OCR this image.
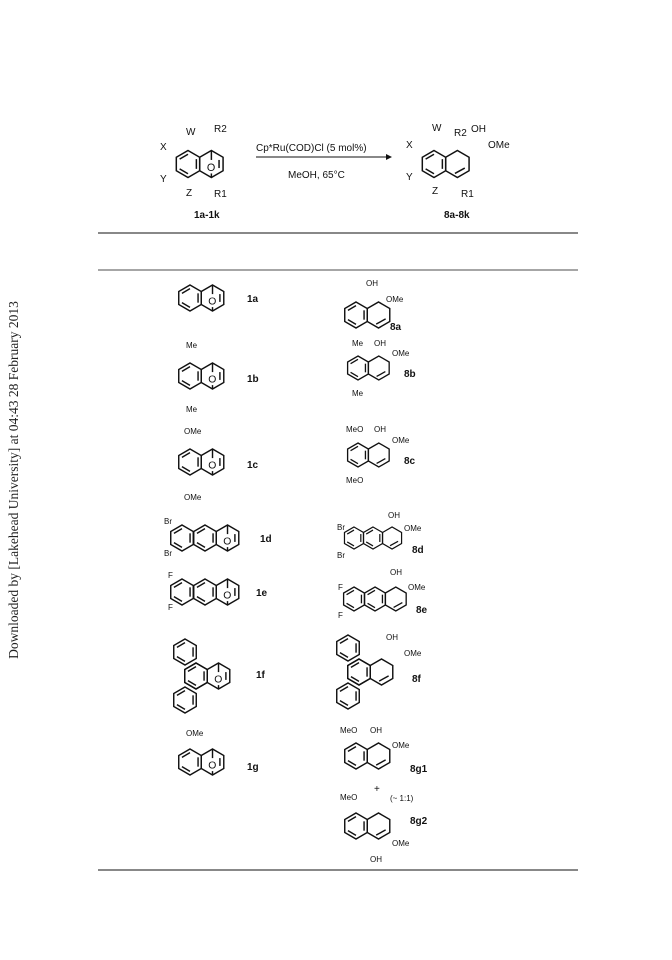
Downloaded by [Lakehead University] at 04:43 28 February 2013
O
W
X
Y
Z
R2
R1
1a-1k
Cp*Ru(COD)Cl (5 mol%)
MeOH, 65°C
W R2 OH
OMe
X
Y
Z R1
8a-8k
1a
OH
OMe
8a
Me
Me
1b
Me OH
OMe
Me
8b
OMe
OMe
1c
MeO OH
OMe
MeO
8c
Br
Br
1d
Br
Br
OH
OMe
8d
F
F
1e
F
F
OH
OMe
8e
1f
OH
OMe
8f
OMe
1g
MeO OH
OMe
8g1
+
(~ 1:1)
MeO
OMe
OH
8g2
